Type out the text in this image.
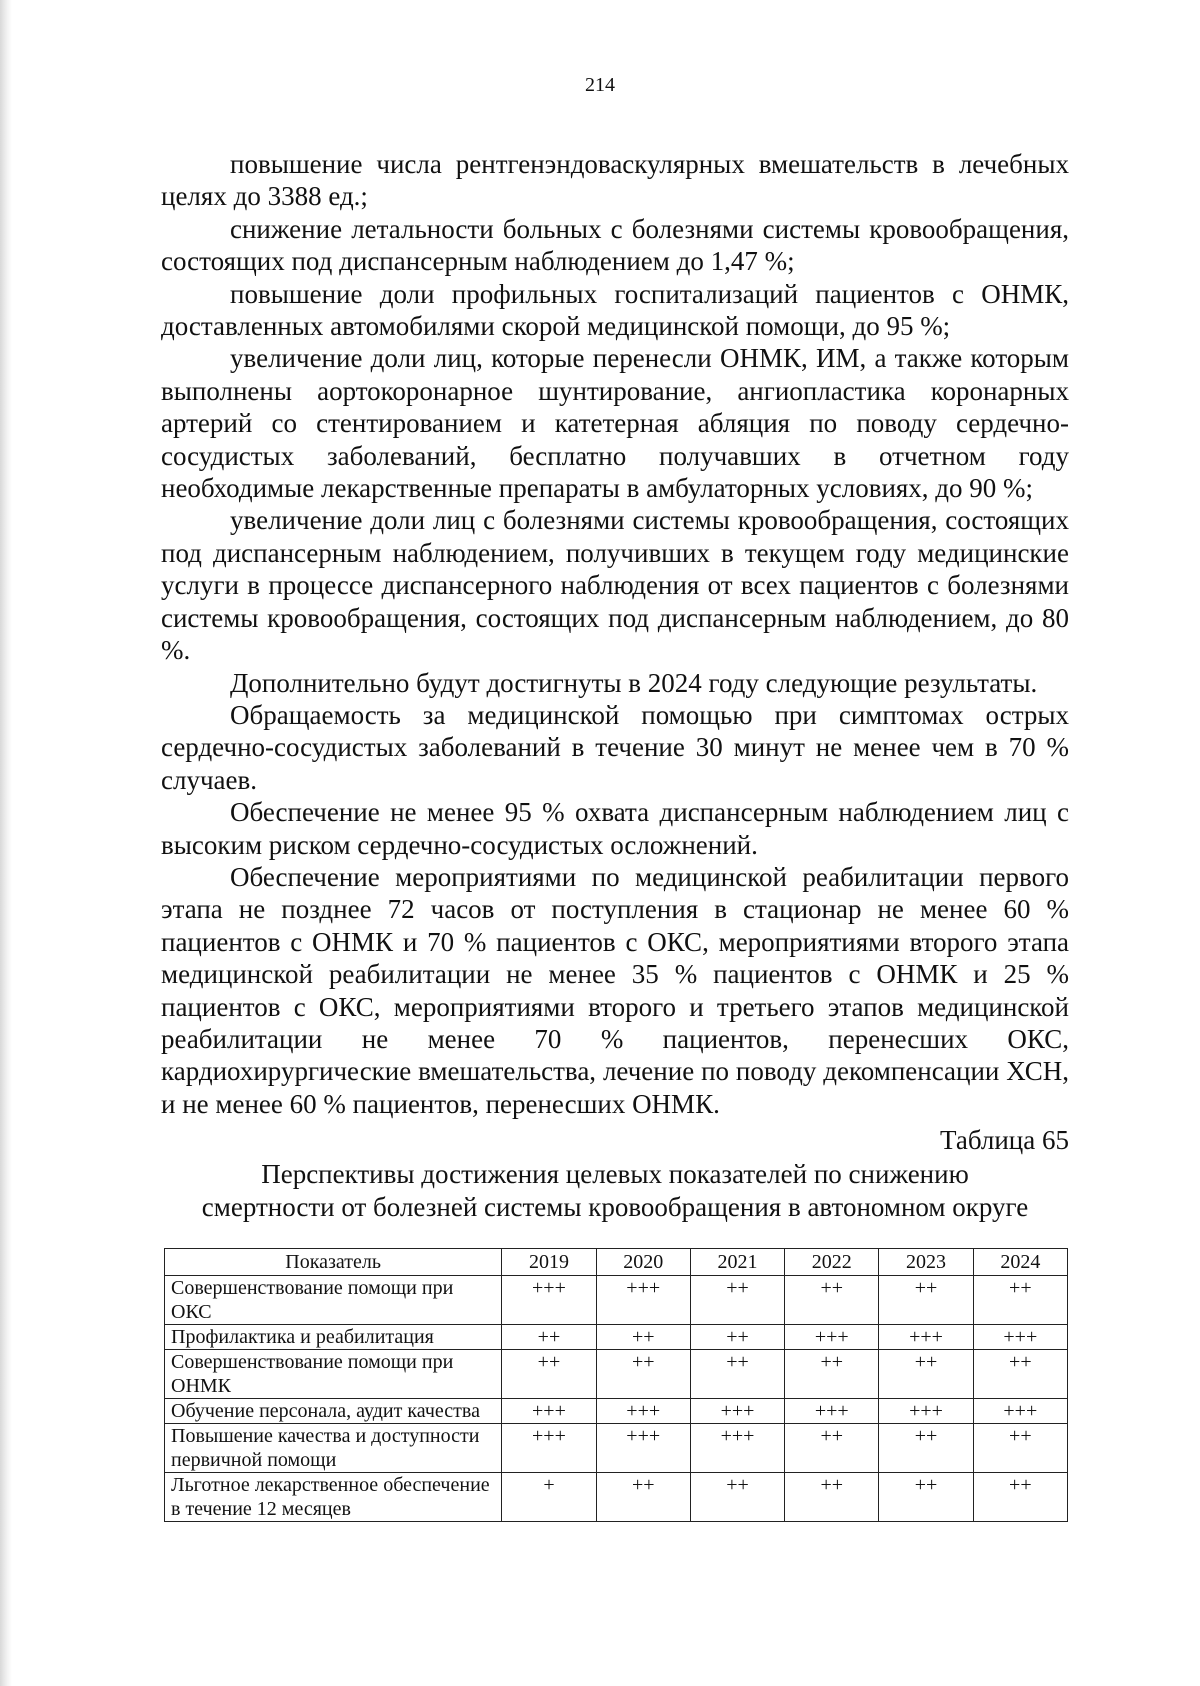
214

повышение числа рентгенэндоваскулярных вмешательств в лечебных целях до 3388 ед.;

снижение летальности больных с болезнями системы кровообращения, состоящих под диспансерным наблюдением до 1,47 %;

повышение доли профильных госпитализаций пациентов с ОНМК, доставленных автомобилями скорой медицинской помощи, до 95 %;

увеличение доли лиц, которые перенесли ОНМК, ИМ, а также которым выполнены аортокоронарное шунтирование, ангиопластика коронарных артерий со стентированием и катетерная абляция по поводу сердечно-сосудистых заболеваний, бесплатно получавших в отчетном году необходимые лекарственные препараты в амбулаторных условиях, до 90 %;

увеличение доли лиц с болезнями системы кровообращения, состоящих под диспансерным наблюдением, получивших в текущем году медицинские услуги в процессе диспансерного наблюдения от всех пациентов с болезнями системы кровообращения, состоящих под диспансерным наблюдением, до 80 %.

Дополнительно будут достигнуты в 2024 году следующие результаты.

Обращаемость за медицинской помощью при симптомах острых сердечно-сосудистых заболеваний в течение 30 минут не менее чем в 70 % случаев.

Обеспечение не менее 95 % охвата диспансерным наблюдением лиц с высоким риском сердечно-сосудистых осложнений.

Обеспечение мероприятиями по медицинской реабилитации первого этапа не позднее 72 часов от поступления в стационар не менее 60 % пациентов с ОНМК и 70 % пациентов с ОКС, мероприятиями второго этапа медицинской реабилитации не менее 35 % пациентов с ОНМК и 25 % пациентов с ОКС, мероприятиями второго и третьего этапов медицинской реабилитации не менее 70 % пациентов, перенесших ОКС, кардиохирургические вмешательства, лечение по поводу декомпенсации ХСН, и не менее 60 % пациентов, перенесших ОНМК.

Таблица 65
Перспективы достижения целевых показателей по снижению
смертности от болезней системы кровообращения в автономном округе
Показатель	2019	2020	2021	2022	2023	2024
Совершенствование помощи при ОКС	+++	+++	++	++	++	++
Профилактика и реабилитация	++	++	++	+++	+++	+++
Совершенствование помощи при ОНМК	++	++	++	++	++	++
Обучение персонала, аудит качества	+++	+++	+++	+++	+++	+++
Повышение качества и доступности первичной помощи	+++	+++	+++	++	++	++
Льготное лекарственное обеспечение в течение 12 месяцев	+	++	++	++	++	++
